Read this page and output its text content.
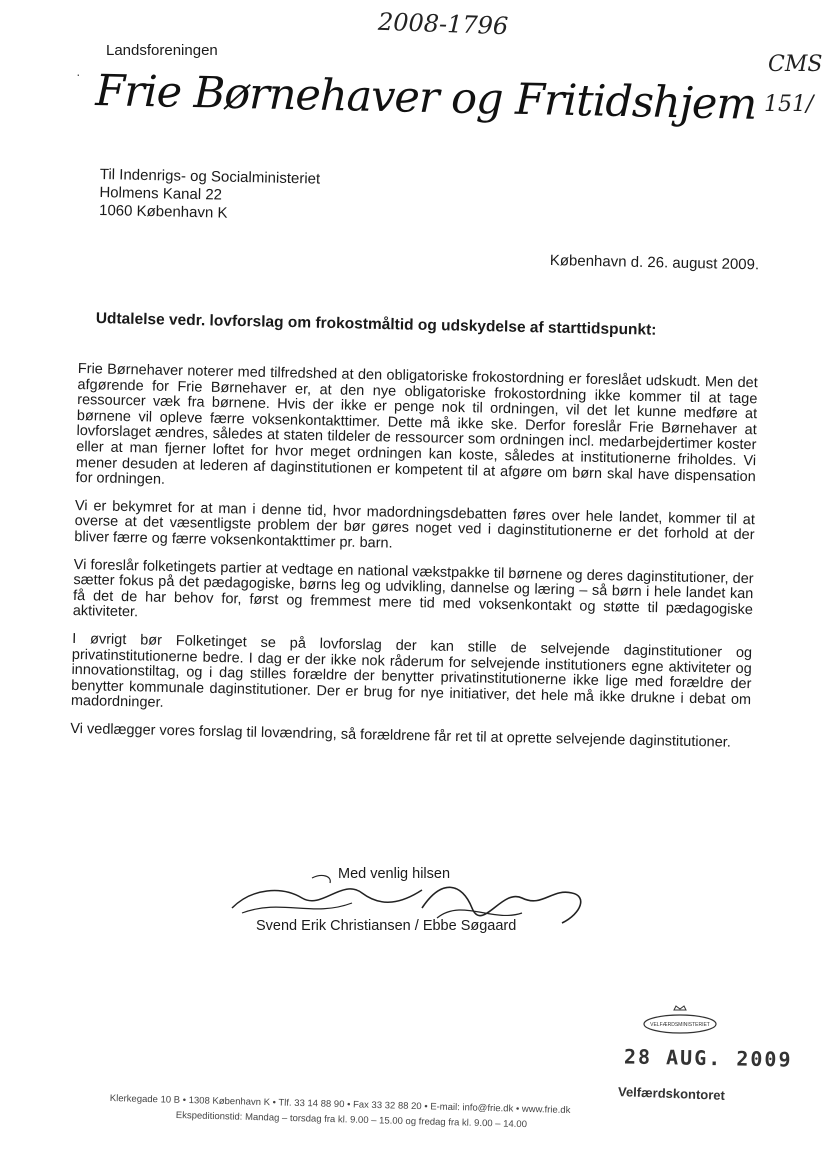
2008-1796
CMS
151/
·
Landsforeningen
Frie Børnehaver og Fritidshjem
Til Indenrigs- og Socialministeriet
Holmens Kanal 22
1060 København K
København d. 26. august 2009.
Udtalelse vedr. lovforslag om frokostmåltid og udskydelse af starttidspunkt:

Frie Børnehaver noterer med tilfredshed at den obligatoriske frokostordning er foreslået udskudt. Men det afgørende for Frie Børnehaver er, at den nye obligatoriske frokostordning ikke kommer til at tage ressourcer væk fra børnene. Hvis der ikke er penge nok til ordningen, vil det let kunne medføre at børnene vil opleve færre voksenkontakttimer. Dette må ikke ske. Derfor foreslår Frie Børnehaver at lovforslaget ændres, således at staten tildeler de ressourcer som ordningen incl. medarbejdertimer koster eller at man fjerner loftet for hvor meget ordningen kan koste, således at institutionerne friholdes. Vi mener desuden at lederen af daginstitutionen er kompetent til at afgøre om børn skal have dispensation for ordningen.

Vi er bekymret for at man i denne tid, hvor madordningsdebatten føres over hele landet, kommer til at overse at det væsentligste problem der bør gøres noget ved i daginstitutionerne er det forhold at der bliver færre og færre voksenkontakttimer pr. barn.

Vi foreslår folketingets partier at vedtage en national vækstpakke til børnene og deres daginstitutioner, der sætter fokus på det pædagogiske, børns leg og udvikling, dannelse og læring – så børn i hele landet kan få det de har behov for, først og fremmest mere tid med voksenkontakt og støtte til pædagogiske aktiviteter.

I øvrigt bør Folketinget se på lovforslag der kan stille de selvejende daginstitutioner og privatinstitutionerne bedre. I dag er der ikke nok råderum for selvejende institutioners egne aktiviteter og innovationstiltag, og i dag stilles forældre der benytter privatinstitutionerne ikke lige med forældre der benytter kommunale daginstitutioner. Der er brug for nye initiativer, det hele må ikke drukne i debat om madordninger.

Vi vedlægger vores forslag til lovændring, så forældrene får ret til at oprette selvejende daginstitutioner.

Med venlig hilsen
Svend Erik Christiansen / Ebbe Søgaard
VELFÆRDSMINISTERIET
28 AUG. 2009
Velfærdskontoret
Klerkegade 10 B • 1308 København K • Tlf. 33 14 88 90 • Fax 33 32 88 20 • E-mail: info@frie.dk • www.frie.dk
Ekspeditionstid: Mandag – torsdag fra kl. 9.00 – 15.00 og fredag fra kl. 9.00 – 14.00
